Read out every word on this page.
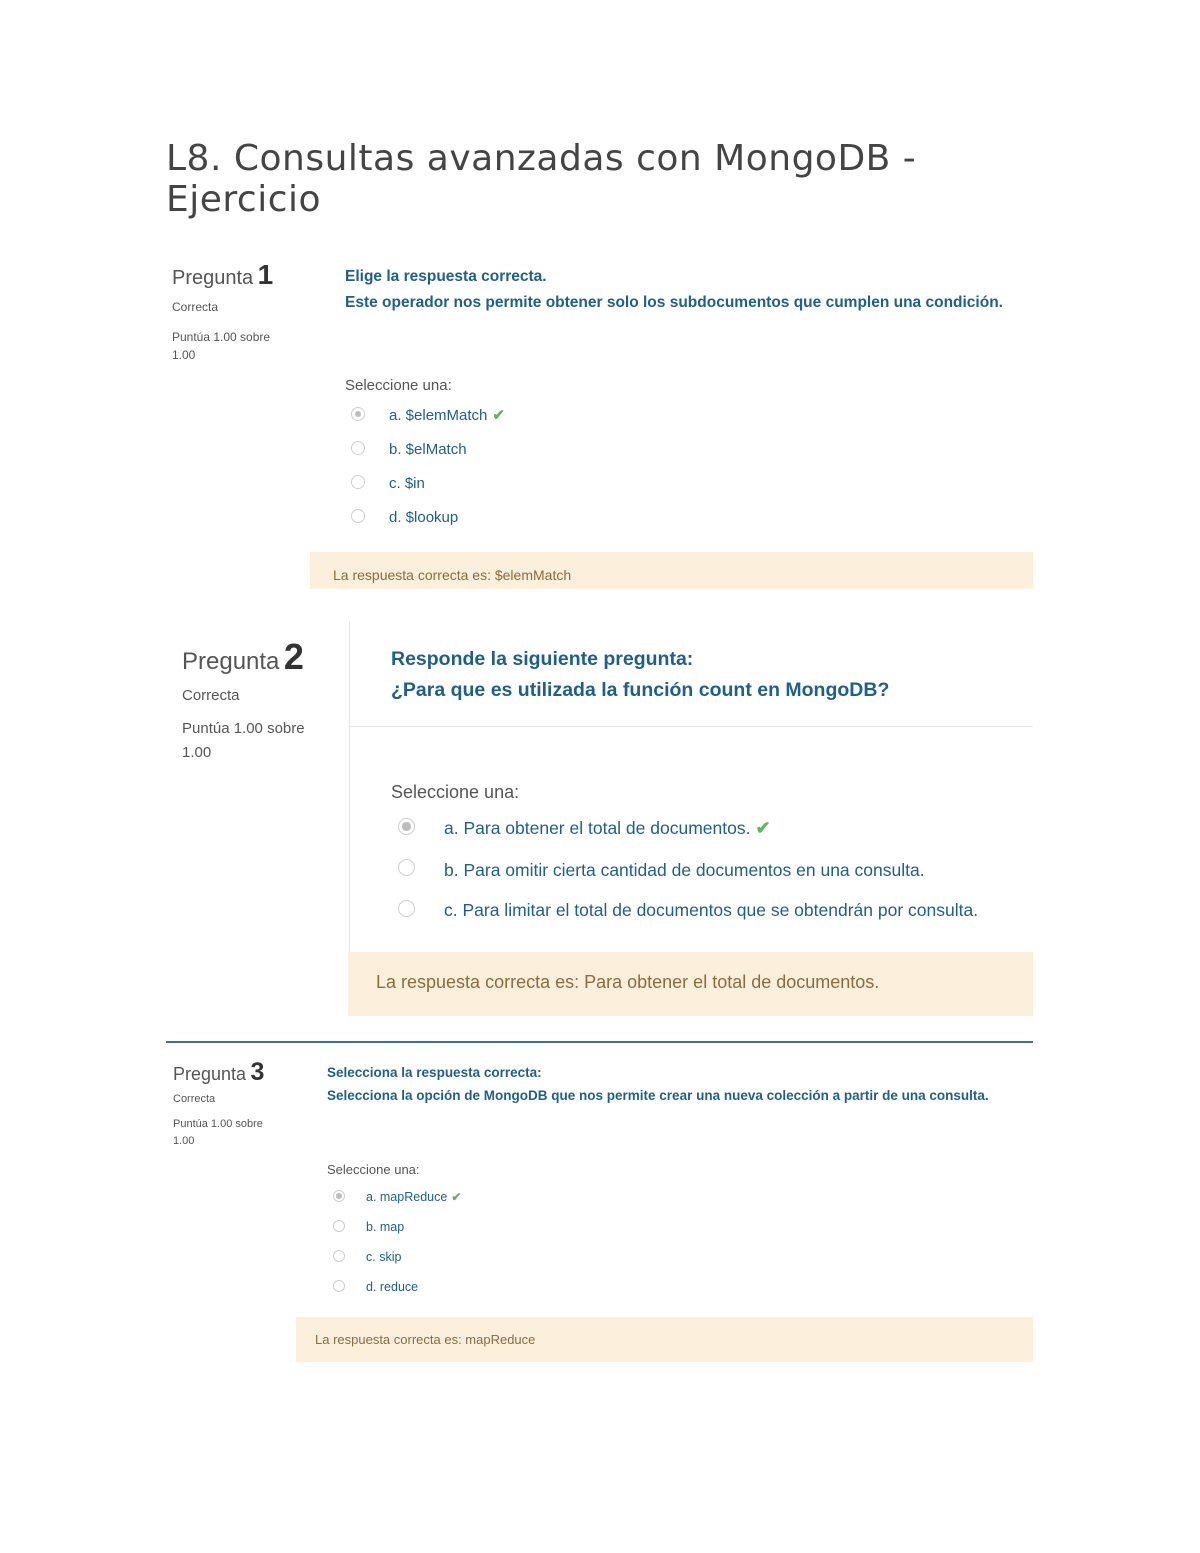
L8. Consultas avanzadas con MongoDB -
Ejercicio
Pregunta 1
Correcta
Puntúa 1.00 sobre
1.00
Elige la respuesta correcta.
Este operador nos permite obtener solo los subdocumentos que cumplen una condición.
Seleccione una:
a. $elemMatch ✔
b. $elMatch
c. $in
d. $lookup
La respuesta correcta es: $elemMatch
Pregunta 2
Correcta
Puntúa 1.00 sobre
1.00
Responde la siguiente pregunta:
¿Para que es utilizada la función count en MongoDB?
Seleccione una:
a. Para obtener el total de documentos. ✔
b. Para omitir cierta cantidad de documentos en una consulta.
c. Para limitar el total de documentos que se obtendrán por consulta.
La respuesta correcta es: Para obtener el total de documentos.
Pregunta 3
Correcta
Puntúa 1.00 sobre
1.00
Selecciona la respuesta correcta:
Selecciona la opción de MongoDB que nos permite crear una nueva colección a partir de una consulta.
Seleccione una:
a. mapReduce ✔
b. map
c. skip
d. reduce
La respuesta correcta es: mapReduce
